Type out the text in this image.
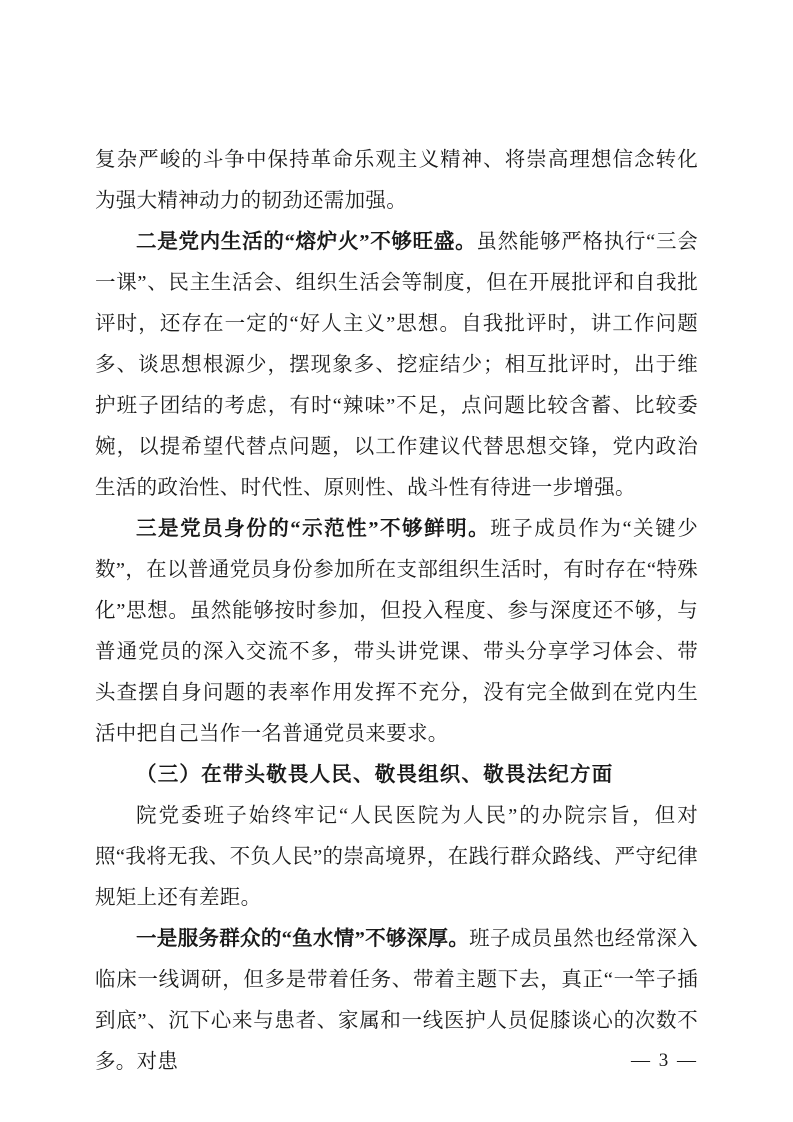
复杂严峻的斗争中保持革命乐观主义精神、将崇高理想信念转化为强大精神动力的韧劲还需加强。

二是党内生活的“熔炉火”不够旺盛。虽然能够严格执行“三会一课”、民主生活会、组织生活会等制度，但在开展批评和自我批评时，还存在一定的“好人主义”思想。自我批评时，讲工作问题多、谈思想根源少，摆现象多、挖症结少；相互批评时，出于维护班子团结的考虑，有时“辣味”不足，点问题比较含蓄、比较委婉，以提希望代替点问题，以工作建议代替思想交锋，党内政治生活的政治性、时代性、原则性、战斗性有待进一步增强。

三是党员身份的“示范性”不够鲜明。班子成员作为“关键少数”，在以普通党员身份参加所在支部组织生活时，有时存在“特殊化”思想。虽然能够按时参加，但投入程度、参与深度还不够，与普通党员的深入交流不多，带头讲党课、带头分享学习体会、带头查摆自身问题的表率作用发挥不充分，没有完全做到在党内生活中把自己当作一名普通党员来要求。

（三）在带头敬畏人民、敬畏组织、敬畏法纪方面

院党委班子始终牢记“人民医院为人民”的办院宗旨，但对照“我将无我、不负人民”的崇高境界，在践行群众路线、严守纪律规矩上还有差距。

一是服务群众的“鱼水情”不够深厚。班子成员虽然也经常深入临床一线调研，但多是带着任务、带着主题下去，真正“一竿子插到底”、沉下心来与患者、家属和一线医护人员促膝谈心的次数不多。对患	— 3 —
